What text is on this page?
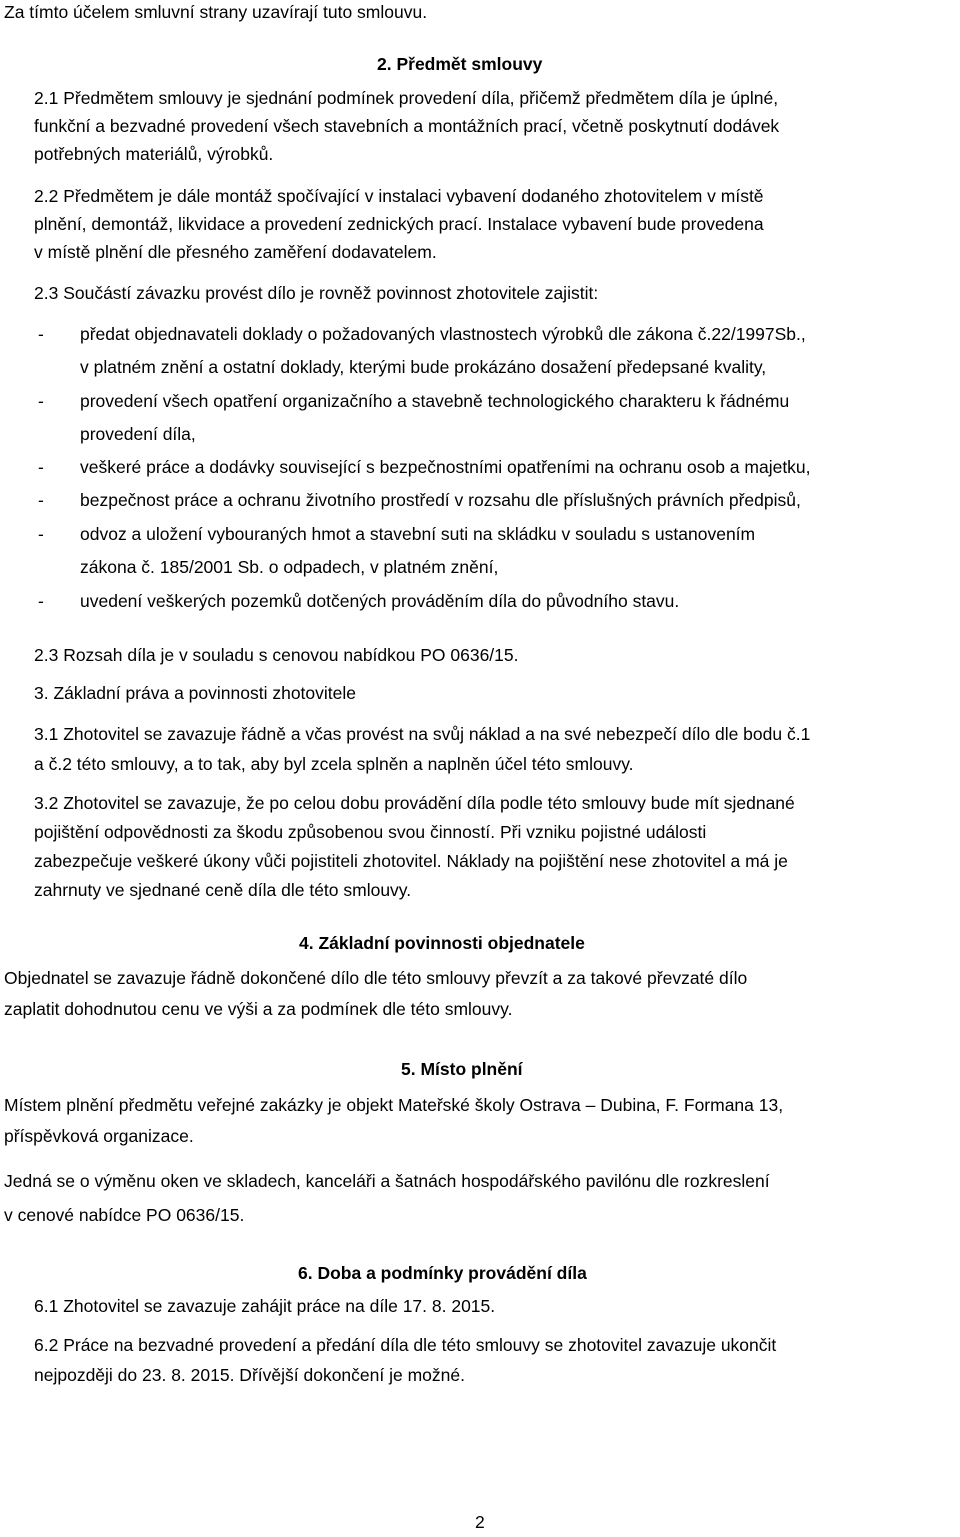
Za tímto účelem smluvní strany uzavírají tuto smlouvu.
2. Předmět smlouvy
2.1 Předmětem smlouvy je sjednání podmínek provedení díla, přičemž předmětem díla je úplné,
funkční a bezvadné provedení všech stavebních a montážních prací, včetně poskytnutí dodávek
potřebných materiálů, výrobků.
2.2 Předmětem je dále montáž spočívající v instalaci vybavení dodaného zhotovitelem v místě
plnění, demontáž, likvidace a provedení zednických prací. Instalace vybavení bude provedena
v místě plnění dle přesného zaměření dodavatelem.
2.3 Součástí závazku provést dílo je rovněž povinnost zhotovitele zajistit:
- předat objednavateli doklady o požadovaných vlastnostech výrobků dle zákona č.22/1997Sb.,
v platném znění a ostatní doklady, kterými bude prokázáno dosažení předepsané kvality,
- provedení všech opatření organizačního a stavebně technologického charakteru k řádnému
provedení díla,
- veškeré práce a dodávky související s bezpečnostními opatřeními na ochranu osob a majetku,
- bezpečnost práce a ochranu životního prostředí v rozsahu dle příslušných právních předpisů,
- odvoz a uložení vybouraných hmot a stavební suti na skládku v souladu s ustanovením
zákona č. 185/2001 Sb. o odpadech, v platném znění,
- uvedení veškerých pozemků dotčených prováděním díla do původního stavu.
2.3 Rozsah díla je v souladu s cenovou nabídkou PO 0636/15.
3. Základní práva a povinnosti zhotovitele
3.1 Zhotovitel se zavazuje řádně a včas provést na svůj náklad a na své nebezpečí dílo dle bodu č.1
a č.2 této smlouvy, a to tak, aby byl zcela splněn a naplněn účel této smlouvy.
3.2 Zhotovitel se zavazuje, že po celou dobu provádění díla podle této smlouvy bude mít sjednané
pojištění odpovědnosti za škodu způsobenou svou činností. Při vzniku pojistné události
zabezpečuje veškeré úkony vůči pojistiteli zhotovitel. Náklady na pojištění nese zhotovitel a má je
zahrnuty ve sjednané ceně díla dle této smlouvy.
4. Základní povinnosti objednatele
Objednatel se zavazuje řádně dokončené dílo dle této smlouvy převzít a za takové převzaté dílo
zaplatit dohodnutou cenu ve výši a za podmínek dle této smlouvy.
5. Místo plnění
Místem plnění předmětu veřejné zakázky je objekt Mateřské školy Ostrava – Dubina, F. Formana 13,
příspěvková organizace.
Jedná se o výměnu oken ve skladech, kanceláři a šatnách hospodářského pavilónu dle rozkreslení
v cenové nabídce PO 0636/15.
6. Doba a podmínky provádění díla
6.1 Zhotovitel se zavazuje zahájit práce na díle 17. 8. 2015.
6.2 Práce na bezvadné provedení a předání díla dle této smlouvy se zhotovitel zavazuje ukončit
nejpozději do 23. 8. 2015. Dřívější dokončení je možné.
2
